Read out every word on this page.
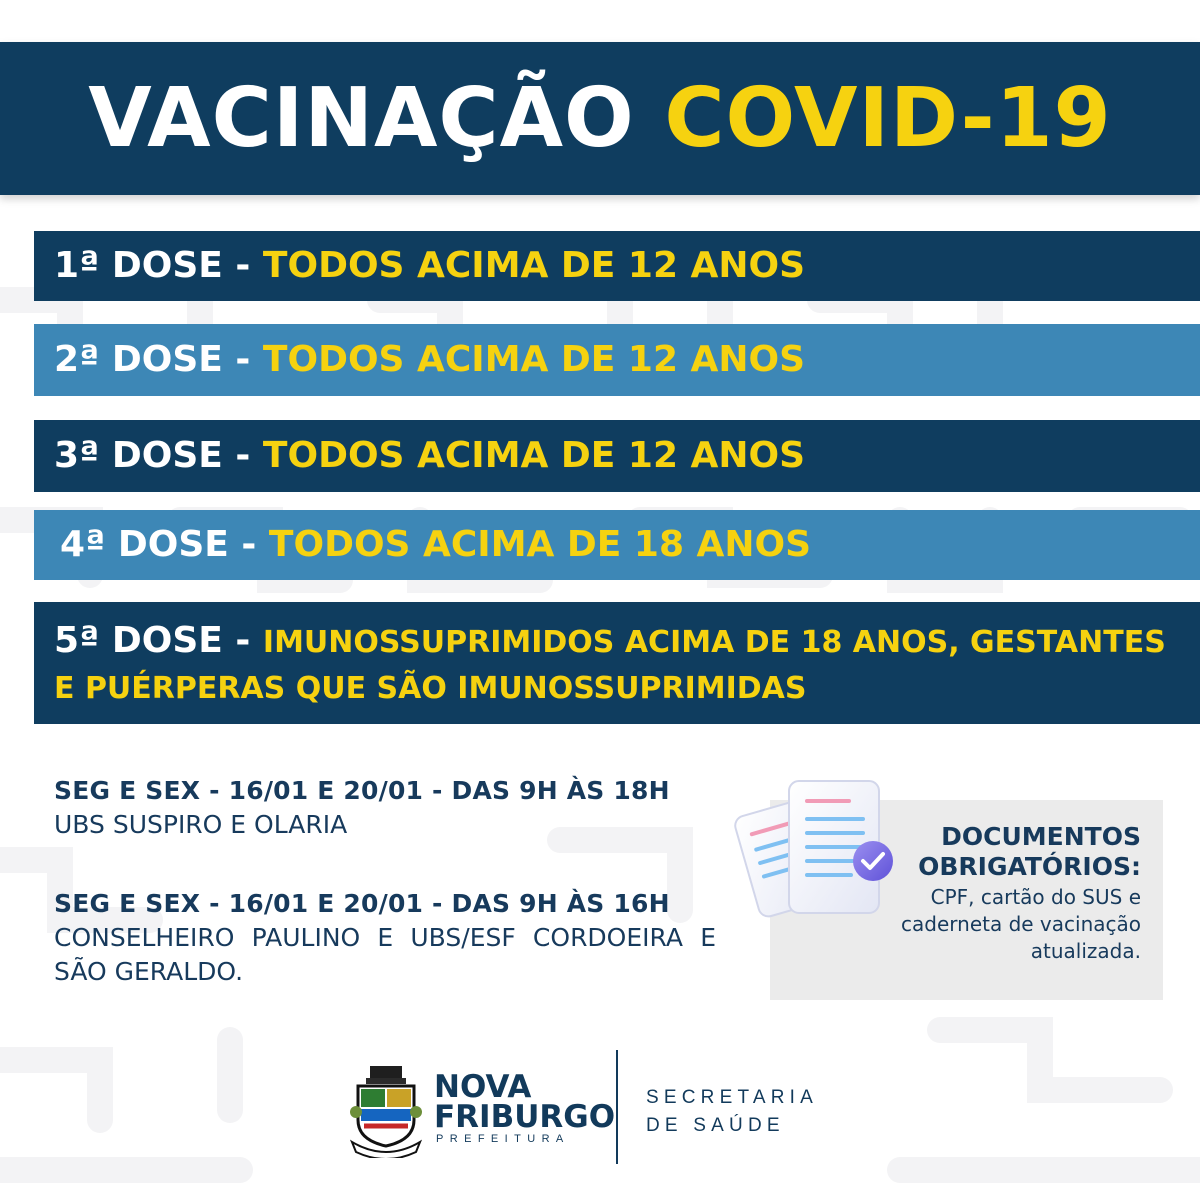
VACINAÇÃO COVID-19
1ª DOSE - TODOS ACIMA DE 12 ANOS
2ª DOSE - TODOS ACIMA DE 12 ANOS
3ª DOSE - TODOS ACIMA DE 12 ANOS
4ª DOSE - TODOS ACIMA DE 18 ANOS
5ª DOSE - IMUNOSSUPRIMIDOS ACIMA DE 18 ANOS, GESTANTES E PUÉRPERAS QUE SÃO IMUNOSSUPRIMIDAS
SEG E SEX - 16/01 E 20/01 - DAS 9H ÀS 18H
UBS SUSPIRO E OLARIA
SEG E SEX - 16/01 E 20/01 - DAS 9H ÀS 16H
CONSELHEIRO PAULINO E UBS/ESF CORDOEIRA E SÃO GERALDO.
DOCUMENTOS
OBRIGATÓRIOS:
CPF, cartão do SUS e
caderneta de vacinação
atualizada.
NOVA
FRIBURGO
PREFEITURA
SECRETARIA
DE SAÚDE
